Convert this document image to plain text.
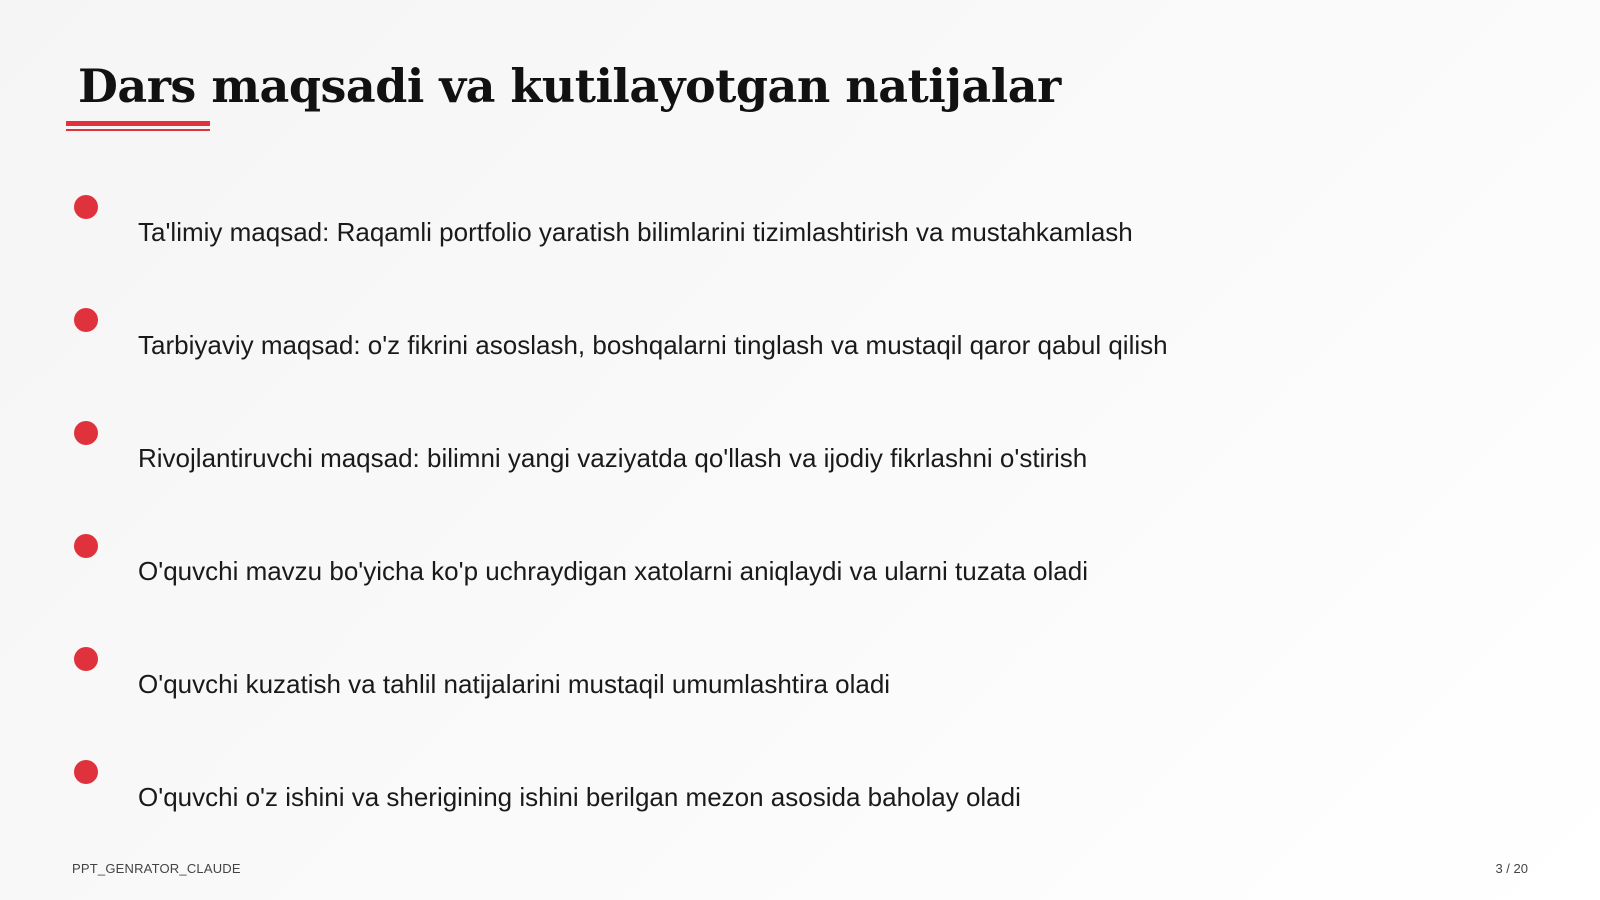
Dars maqsadi va kutilayotgan natijalar
Ta'limiy maqsad: Raqamli portfolio yaratish bilimlarini tizimlashtirish va mustahkamlash
Tarbiyaviy maqsad: o'z fikrini asoslash, boshqalarni tinglash va mustaqil qaror qabul qilish
Rivojlantiruvchi maqsad: bilimni yangi vaziyatda qo'llash va ijodiy fikrlashni o'stirish
O'quvchi mavzu bo'yicha ko'p uchraydigan xatolarni aniqlaydi va ularni tuzata oladi
O'quvchi kuzatish va tahlil natijalarini mustaqil umumlashtira oladi
O'quvchi o'z ishini va sherigining ishini berilgan mezon asosida baholay oladi
PPT_GENRATOR_CLAUDE	3 / 20
